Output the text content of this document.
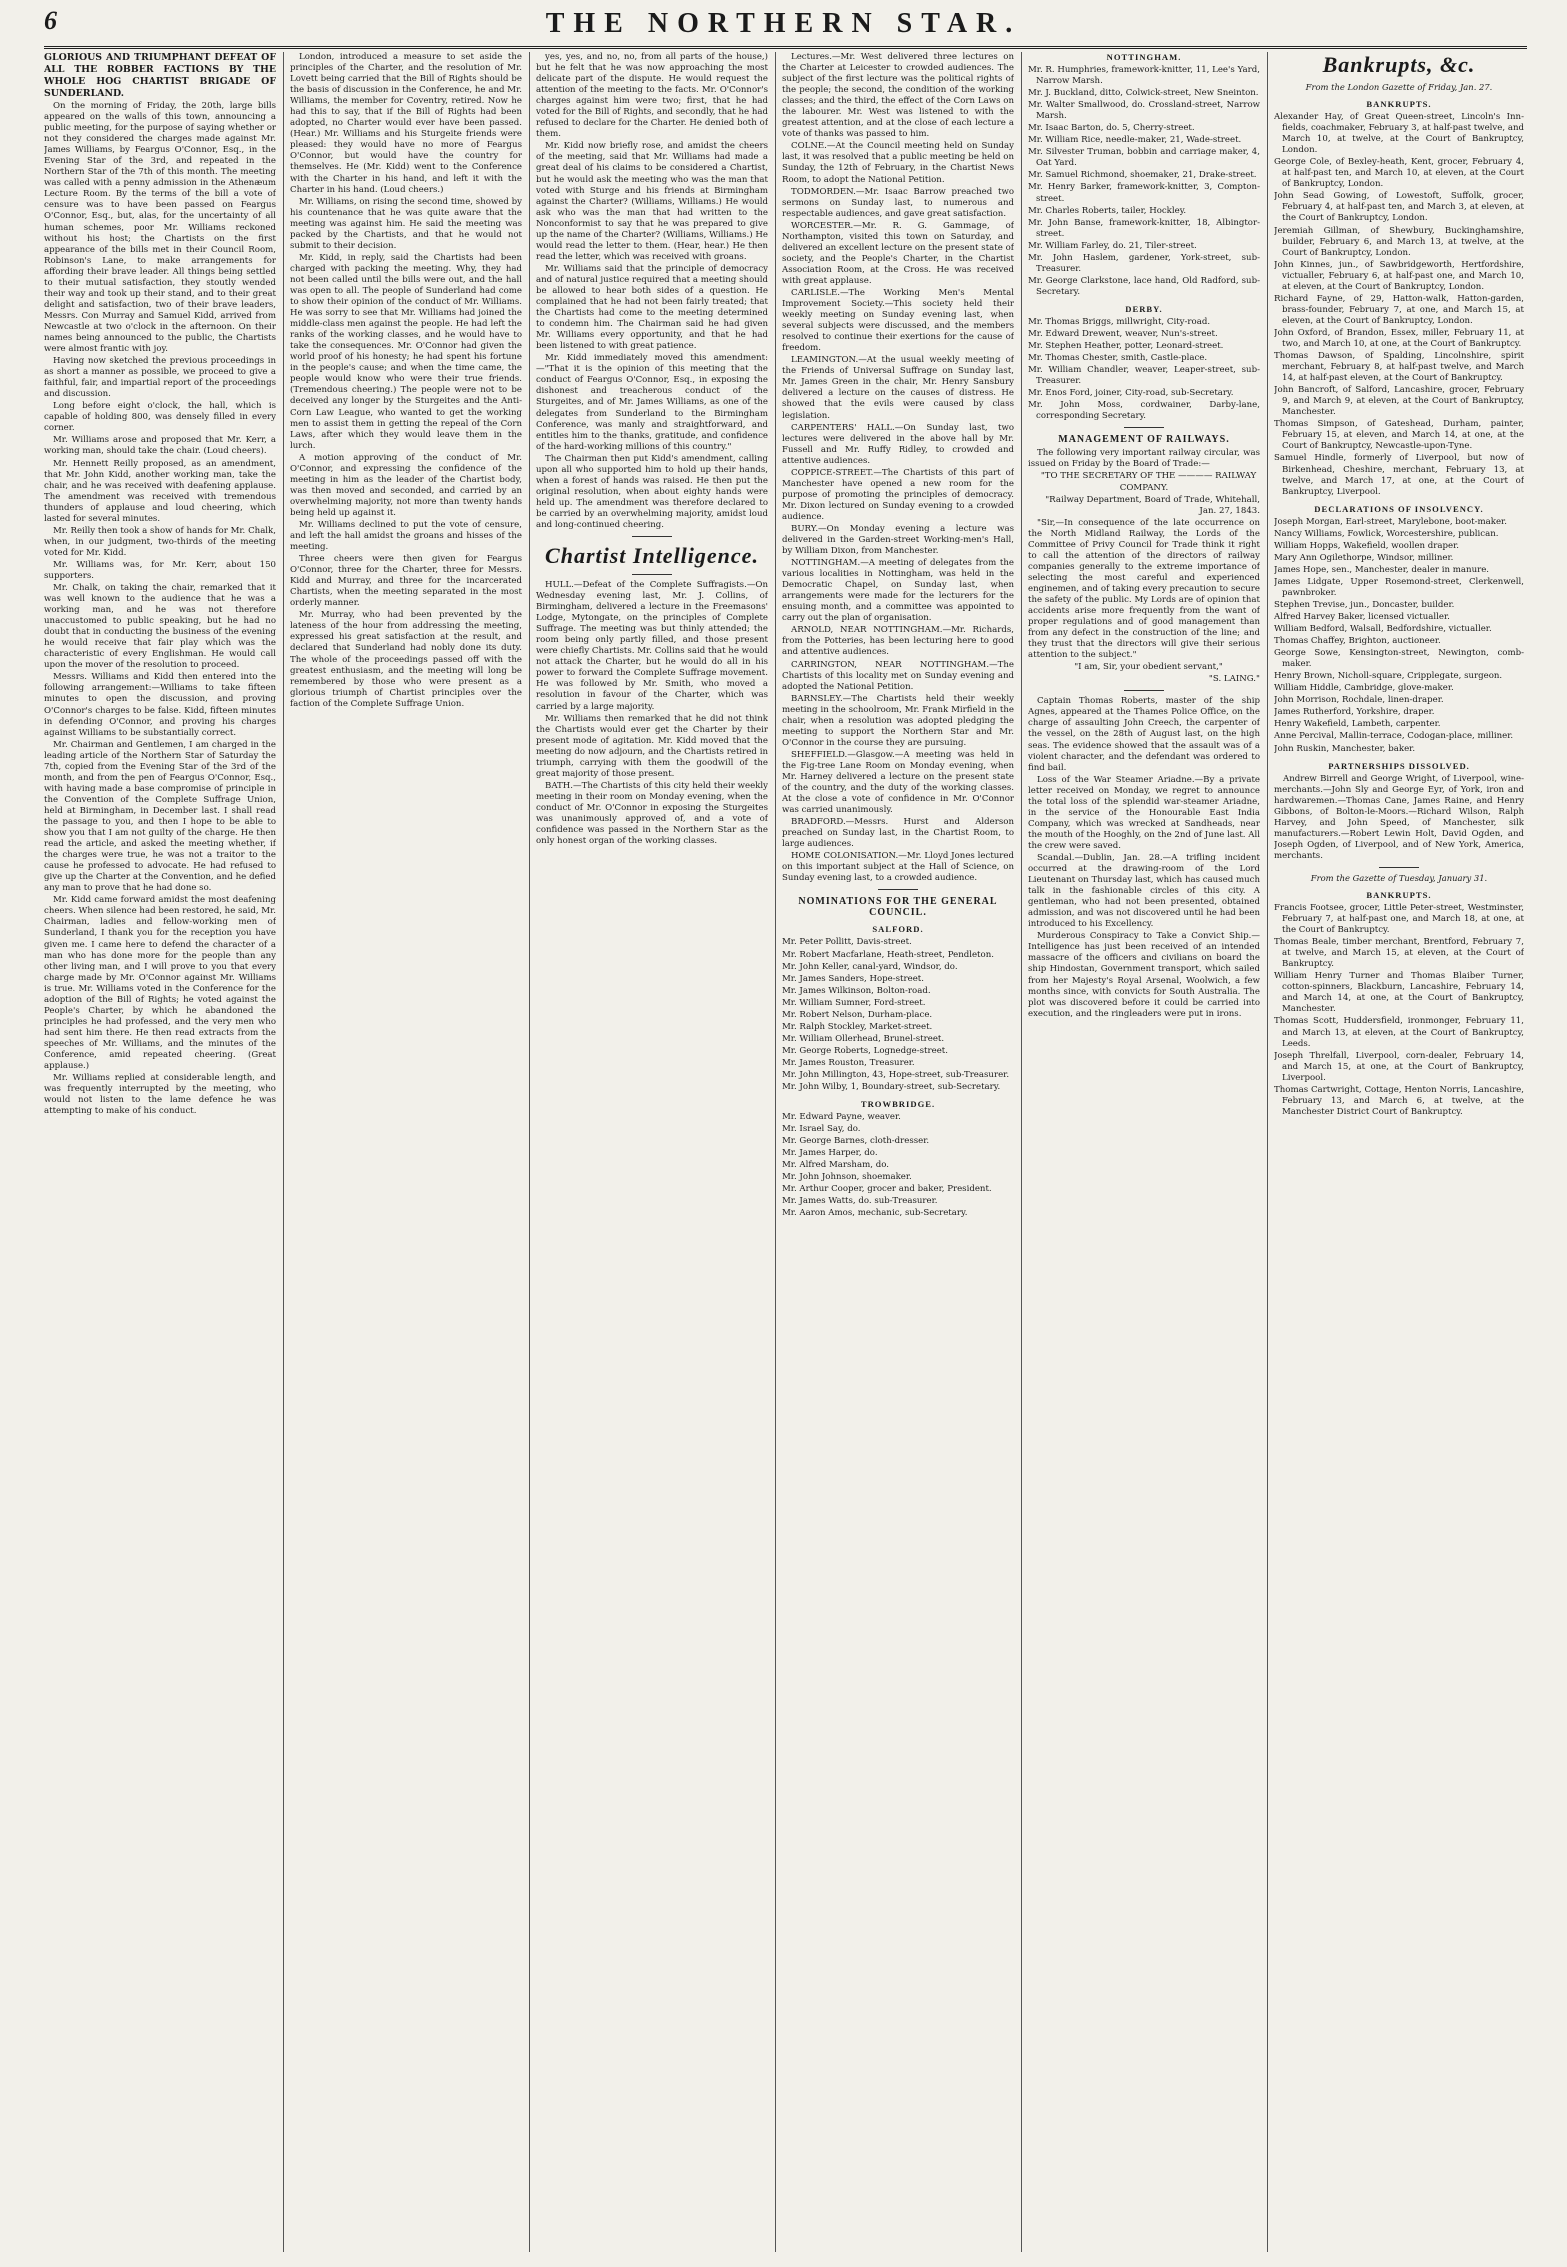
6	THE NORTHERN STAR.

GLORIOUS AND TRIUMPHANT DEFEAT OF ALL THE ROBBER FACTIONS BY THE WHOLE HOG CHARTIST BRIGADE OF SUNDERLAND.

On the morning of Friday, the 20th, large bills appeared on the walls of this town, announcing a public meeting, for the purpose of saying whether or not they considered the charges made against Mr. James Williams, by Feargus O'Connor, Esq., in the Evening Star of the 3rd, and repeated in the Northern Star of the 7th of this month. The meeting was called with a penny admission in the Athenæum Lecture Room. By the terms of the bill a vote of censure was to have been passed on Feargus O'Connor, Esq., but, alas, for the uncertainty of all human schemes, poor Mr. Williams reckoned without his host; the Chartists on the first appearance of the bills met in their Council Room, Robinson's Lane, to make arrangements for affording their brave leader. All things being settled to their mutual satisfaction, they stoutly wended their way and took up their stand, and to their great delight and satisfaction, two of their brave leaders, Messrs. Con Murray and Samuel Kidd, arrived from Newcastle at two o'clock in the afternoon. On their names being announced to the public, the Chartists were almost frantic with joy.

Having now sketched the previous proceedings in as short a manner as possible, we proceed to give a faithful, fair, and impartial report of the proceedings and discussion.

Long before eight o'clock, the hall, which is capable of holding 800, was densely filled in every corner.

Mr. Williams arose and proposed that Mr. Kerr, a working man, should take the chair. (Loud cheers).

Mr. Hennett Reilly proposed, as an amendment, that Mr. John Kidd, another working man, take the chair, and he was received with deafening applause. The amendment was received with tremendous thunders of applause and loud cheering, which lasted for several minutes.

Mr. Reilly then took a show of hands for Mr. Chalk, when, in our judgment, two-thirds of the meeting voted for Mr. Kidd.

Mr. Williams was, for Mr. Kerr, about 150 supporters.

Mr. Chalk, on taking the chair, remarked that it was well known to the audience that he was a working man, and he was not therefore unaccustomed to public speaking, but he had no doubt that in conducting the business of the evening he would receive that fair play which was the characteristic of every Englishman. He would call upon the mover of the resolution to proceed.

Messrs. Williams and Kidd then entered into the following arrangement:—Williams to take fifteen minutes to open the discussion, and proving O'Connor's charges to be false. Kidd, fifteen minutes in defending O'Connor, and proving his charges against Williams to be substantially correct.

Mr. Chairman and Gentlemen, I am charged in the leading article of the Northern Star of Saturday the 7th, copied from the Evening Star of the 3rd of the month, and from the pen of Feargus O'Connor, Esq., with having made a base compromise of principle in the Convention of the Complete Suffrage Union, held at Birmingham, in December last. I shall read the passage to you, and then I hope to be able to show you that I am not guilty of the charge. He then read the article, and asked the meeting whether, if the charges were true, he was not a traitor to the cause he professed to advocate. He had refused to give up the Charter at the Convention, and he defied any man to prove that he had done so.

Mr. Kidd came forward amidst the most deafening cheers. When silence had been restored, he said, Mr. Chairman, ladies and fellow-working men of Sunderland, I thank you for the reception you have given me. I came here to defend the character of a man who has done more for the people than any other living man, and I will prove to you that every charge made by Mr. O'Connor against Mr. Williams is true. Mr. Williams voted in the Conference for the adoption of the Bill of Rights; he voted against the People's Charter, by which he abandoned the principles he had professed, and the very men who had sent him there. He then read extracts from the speeches of Mr. Williams, and the minutes of the Conference, amid repeated cheering. (Great applause.)

Mr. Williams replied at considerable length, and was frequently interrupted by the meeting, who would not listen to the lame defence he was attempting to make of his conduct.

London, introduced a measure to set aside the principles of the Charter, and the resolution of Mr. Lovett being carried that the Bill of Rights should be the basis of discussion in the Conference, he and Mr. Williams, the member for Coventry, retired. Now he had this to say, that if the Bill of Rights had been adopted, no Charter would ever have been passed. (Hear.) Mr. Williams and his Sturgeite friends were pleased: they would have no more of Feargus O'Connor, but would have the country for themselves. He (Mr. Kidd) went to the Conference with the Charter in his hand, and left it with the Charter in his hand. (Loud cheers.)

Mr. Williams, on rising the second time, showed by his countenance that he was quite aware that the meeting was against him. He said the meeting was packed by the Chartists, and that he would not submit to their decision.

Mr. Kidd, in reply, said the Chartists had been charged with packing the meeting. Why, they had not been called until the bills were out, and the hall was open to all. The people of Sunderland had come to show their opinion of the conduct of Mr. Williams. He was sorry to see that Mr. Williams had joined the middle-class men against the people. He had left the ranks of the working classes, and he would have to take the consequences. Mr. O'Connor had given the world proof of his honesty; he had spent his fortune in the people's cause; and when the time came, the people would know who were their true friends. (Tremendous cheering.) The people were not to be deceived any longer by the Sturgeites and the Anti-Corn Law League, who wanted to get the working men to assist them in getting the repeal of the Corn Laws, after which they would leave them in the lurch.

A motion approving of the conduct of Mr. O'Connor, and expressing the confidence of the meeting in him as the leader of the Chartist body, was then moved and seconded, and carried by an overwhelming majority, not more than twenty hands being held up against it.

Mr. Williams declined to put the vote of censure, and left the hall amidst the groans and hisses of the meeting.

Three cheers were then given for Feargus O'Connor, three for the Charter, three for Messrs. Kidd and Murray, and three for the incarcerated Chartists, when the meeting separated in the most orderly manner.

Mr. Murray, who had been prevented by the lateness of the hour from addressing the meeting, expressed his great satisfaction at the result, and declared that Sunderland had nobly done its duty. The whole of the proceedings passed off with the greatest enthusiasm, and the meeting will long be remembered by those who were present as a glorious triumph of Chartist principles over the faction of the Complete Suffrage Union.

yes, yes, and no, no, from all parts of the house,) but he felt that he was now approaching the most delicate part of the dispute. He would request the attention of the meeting to the facts. Mr. O'Connor's charges against him were two; first, that he had voted for the Bill of Rights, and secondly, that he had refused to declare for the Charter. He denied both of them.

Mr. Kidd now briefly rose, and amidst the cheers of the meeting, said that Mr. Williams had made a great deal of his claims to be considered a Chartist, but he would ask the meeting who was the man that voted with Sturge and his friends at Birmingham against the Charter? (Williams, Williams.) He would ask who was the man that had written to the Nonconformist to say that he was prepared to give up the name of the Charter? (Williams, Williams.) He would read the letter to them. (Hear, hear.) He then read the letter, which was received with groans.

Mr. Williams said that the principle of democracy and of natural justice required that a meeting should be allowed to hear both sides of a question. He complained that he had not been fairly treated; that the Chartists had come to the meeting determined to condemn him. The Chairman said he had given Mr. Williams every opportunity, and that he had been listened to with great patience.

Mr. Kidd immediately moved this amendment:—"That it is the opinion of this meeting that the conduct of Feargus O'Connor, Esq., in exposing the dishonest and treacherous conduct of the Sturgeites, and of Mr. James Williams, as one of the delegates from Sunderland to the Birmingham Conference, was manly and straightforward, and entitles him to the thanks, gratitude, and confidence of the hard-working millions of this country."

The Chairman then put Kidd's amendment, calling upon all who supported him to hold up their hands, when a forest of hands was raised. He then put the original resolution, when about eighty hands were held up. The amendment was therefore declared to be carried by an overwhelming majority, amidst loud and long-continued cheering.

Chartist Intelligence.

HULL.—Defeat of the Complete Suffragists.—On Wednesday evening last, Mr. J. Collins, of Birmingham, delivered a lecture in the Freemasons' Lodge, Mytongate, on the principles of Complete Suffrage. The meeting was but thinly attended; the room being only partly filled, and those present were chiefly Chartists. Mr. Collins said that he would not attack the Charter, but he would do all in his power to forward the Complete Suffrage movement. He was followed by Mr. Smith, who moved a resolution in favour of the Charter, which was carried by a large majority.

Mr. Williams then remarked that he did not think the Chartists would ever get the Charter by their present mode of agitation. Mr. Kidd moved that the meeting do now adjourn, and the Chartists retired in triumph, carrying with them the goodwill of the great majority of those present.

BATH.—The Chartists of this city held their weekly meeting in their room on Monday evening, when the conduct of Mr. O'Connor in exposing the Sturgeites was unanimously approved of, and a vote of confidence was passed in the Northern Star as the only honest organ of the working classes.

Lectures.—Mr. West delivered three lectures on the Charter at Leicester to crowded audiences. The subject of the first lecture was the political rights of the people; the second, the condition of the working classes; and the third, the effect of the Corn Laws on the labourer. Mr. West was listened to with the greatest attention, and at the close of each lecture a vote of thanks was passed to him.

COLNE.—At the Council meeting held on Sunday last, it was resolved that a public meeting be held on Sunday, the 12th of February, in the Chartist News Room, to adopt the National Petition.

TODMORDEN.—Mr. Isaac Barrow preached two sermons on Sunday last, to numerous and respectable audiences, and gave great satisfaction.

WORCESTER.—Mr. R. G. Gammage, of Northampton, visited this town on Saturday, and delivered an excellent lecture on the present state of society, and the People's Charter, in the Chartist Association Room, at the Cross. He was received with great applause.

CARLISLE.—The Working Men's Mental Improvement Society.—This society held their weekly meeting on Sunday evening last, when several subjects were discussed, and the members resolved to continue their exertions for the cause of freedom.

LEAMINGTON.—At the usual weekly meeting of the Friends of Universal Suffrage on Sunday last, Mr. James Green in the chair, Mr. Henry Sansbury delivered a lecture on the causes of distress. He showed that the evils were caused by class legislation.

CARPENTERS' HALL.—On Sunday last, two lectures were delivered in the above hall by Mr. Fussell and Mr. Ruffy Ridley, to crowded and attentive audiences.

COPPICE-STREET.—The Chartists of this part of Manchester have opened a new room for the purpose of promoting the principles of democracy. Mr. Dixon lectured on Sunday evening to a crowded audience.

BURY.—On Monday evening a lecture was delivered in the Garden-street Working-men's Hall, by William Dixon, from Manchester.

NOTTINGHAM.—A meeting of delegates from the various localities in Nottingham, was held in the Democratic Chapel, on Sunday last, when arrangements were made for the lecturers for the ensuing month, and a committee was appointed to carry out the plan of organisation.

ARNOLD, NEAR NOTTINGHAM.—Mr. Richards, from the Potteries, has been lecturing here to good and attentive audiences.

CARRINGTON, NEAR NOTTINGHAM.—The Chartists of this locality met on Sunday evening and adopted the National Petition.

BARNSLEY.—The Chartists held their weekly meeting in the schoolroom, Mr. Frank Mirfield in the chair, when a resolution was adopted pledging the meeting to support the Northern Star and Mr. O'Connor in the course they are pursuing.

SHEFFIELD.—Glasgow.—A meeting was held in the Fig-tree Lane Room on Monday evening, when Mr. Harney delivered a lecture on the present state of the country, and the duty of the working classes. At the close a vote of confidence in Mr. O'Connor was carried unanimously.

BRADFORD.—Messrs. Hurst and Alderson preached on Sunday last, in the Chartist Room, to large audiences.

HOME COLONISATION.—Mr. Lloyd Jones lectured on this important subject at the Hall of Science, on Sunday evening last, to a crowded audience.

NOMINATIONS FOR THE GENERAL COUNCIL.
SALFORD.

Mr. Peter Pollitt, Davis-street.

Mr. Robert Macfarlane, Heath-street, Pendleton.

Mr. John Keller, canal-yard, Windsor, do.

Mr. James Sanders, Hope-street.

Mr. James Wilkinson, Bolton-road.

Mr. William Sumner, Ford-street.

Mr. Robert Nelson, Durham-place.

Mr. Ralph Stockley, Market-street.

Mr. William Ollerhead, Brunel-street.

Mr. George Roberts, Lognedge-street.

Mr. James Rouston, Treasurer.

Mr. John Millington, 43, Hope-street, sub-Treasurer.

Mr. John Wilby, 1, Boundary-street, sub-Secretary.

TROWBRIDGE.

Mr. Edward Payne, weaver.

Mr. Israel Say, do.

Mr. George Barnes, cloth-dresser.

Mr. James Harper, do.

Mr. Alfred Marsham, do.

Mr. John Johnson, shoemaker.

Mr. Arthur Cooper, grocer and baker, President.

Mr. James Watts, do. sub-Treasurer.

Mr. Aaron Amos, mechanic, sub-Secretary.

NOTTINGHAM.

Mr. R. Humphries, framework-knitter, 11, Lee's Yard, Narrow Marsh.

Mr. J. Buckland, ditto, Colwick-street, New Sneinton.

Mr. Walter Smallwood, do. Crossland-street, Narrow Marsh.

Mr. Isaac Barton, do. 5, Cherry-street.

Mr. William Rice, needle-maker, 21, Wade-street.

Mr. Silvester Truman, bobbin and carriage maker, 4, Oat Yard.

Mr. Samuel Richmond, shoemaker, 21, Drake-street.

Mr. Henry Barker, framework-knitter, 3, Compton-street.

Mr. Charles Roberts, tailer, Hockley.

Mr. John Banse, framework-knitter, 18, Albingtor-street.

Mr. William Farley, do. 21, Tiler-street.

Mr. John Haslem, gardener, York-street, sub-Treasurer.

Mr. George Clarkstone, lace hand, Old Radford, sub-Secretary.

DERBY.

Mr. Thomas Briggs, millwright, City-road.

Mr. Edward Drewent, weaver, Nun's-street.

Mr. Stephen Heather, potter, Leonard-street.

Mr. Thomas Chester, smith, Castle-place.

Mr. William Chandler, weaver, Leaper-street, sub-Treasurer.

Mr. Enos Ford, joiner, City-road, sub-Secretary.

Mr. John Moss, cordwainer, Darby-lane, corresponding Secretary.

MANAGEMENT OF RAILWAYS.

The following very important railway circular, was issued on Friday by the Board of Trade:—

"TO THE SECRETARY OF THE ———— RAILWAY COMPANY.

"Railway Department, Board of Trade, Whitehall, Jan. 27, 1843.

"Sir,—In consequence of the late occurrence on the North Midland Railway, the Lords of the Committee of Privy Council for Trade think it right to call the attention of the directors of railway companies generally to the extreme importance of selecting the most careful and experienced enginemen, and of taking every precaution to secure the safety of the public. My Lords are of opinion that accidents arise more frequently from the want of proper regulations and of good management than from any defect in the construction of the line; and they trust that the directors will give their serious attention to the subject."

"I am, Sir, your obedient servant,"

"S. LAING."

Captain Thomas Roberts, master of the ship Agnes, appeared at the Thames Police Office, on the charge of assaulting John Creech, the carpenter of the vessel, on the 28th of August last, on the high seas. The evidence showed that the assault was of a violent character, and the defendant was ordered to find bail.

Loss of the War Steamer Ariadne.—By a private letter received on Monday, we regret to announce the total loss of the splendid war-steamer Ariadne, in the service of the Honourable East India Company, which was wrecked at Sandheads, near the mouth of the Hooghly, on the 2nd of June last. All the crew were saved.

Scandal.—Dublin, Jan. 28.—A trifling incident occurred at the drawing-room of the Lord Lieutenant on Thursday last, which has caused much talk in the fashionable circles of this city. A gentleman, who had not been presented, obtained admission, and was not discovered until he had been introduced to his Excellency.

Murderous Conspiracy to Take a Convict Ship.—Intelligence has just been received of an intended massacre of the officers and civilians on board the ship Hindostan, Government transport, which sailed from her Majesty's Royal Arsenal, Woolwich, a few months since, with convicts for South Australia. The plot was discovered before it could be carried into execution, and the ringleaders were put in irons.

Bankrupts, &c.
From the London Gazette of Friday, Jan. 27.
BANKRUPTS.

Alexander Hay, of Great Queen-street, Lincoln's Inn-fields, coachmaker, February 3, at half-past twelve, and March 10, at twelve, at the Court of Bankruptcy, London.

George Cole, of Bexley-heath, Kent, grocer, February 4, at half-past ten, and March 10, at eleven, at the Court of Bankruptcy, London.

John Sead Gowing, of Lowestoft, Suffolk, grocer, February 4, at half-past ten, and March 3, at eleven, at the Court of Bankruptcy, London.

Jeremiah Gillman, of Shewbury, Buckinghamshire, builder, February 6, and March 13, at twelve, at the Court of Bankruptcy, London.

John Kinnes, jun., of Sawbridgeworth, Hertfordshire, victualler, February 6, at half-past one, and March 10, at eleven, at the Court of Bankruptcy, London.

Richard Fayne, of 29, Hatton-walk, Hatton-garden, brass-founder, February 7, at one, and March 15, at eleven, at the Court of Bankruptcy, London.

John Oxford, of Brandon, Essex, miller, February 11, at two, and March 10, at one, at the Court of Bankruptcy.

Thomas Dawson, of Spalding, Lincolnshire, spirit merchant, February 8, at half-past twelve, and March 14, at half-past eleven, at the Court of Bankruptcy.

John Bancroft, of Salford, Lancashire, grocer, February 9, and March 9, at eleven, at the Court of Bankruptcy, Manchester.

Thomas Simpson, of Gateshead, Durham, painter, February 15, at eleven, and March 14, at one, at the Court of Bankruptcy, Newcastle-upon-Tyne.

Samuel Hindle, formerly of Liverpool, but now of Birkenhead, Cheshire, merchant, February 13, at twelve, and March 17, at one, at the Court of Bankruptcy, Liverpool.

DECLARATIONS OF INSOLVENCY.

Joseph Morgan, Earl-street, Marylebone, boot-maker.

Nancy Williams, Fowlick, Worcestershire, publican.

William Hopps, Wakefield, woollen draper.

Mary Ann Ogilethorpe, Windsor, milliner.

James Hope, sen., Manchester, dealer in manure.

James Lidgate, Upper Rosemond-street, Clerkenwell, pawnbroker.

Stephen Trevise, jun., Doncaster, builder.

Alfred Harvey Baker, licensed victualler.

William Bedford, Walsall, Bedfordshire, victualler.

Thomas Chaffey, Brighton, auctioneer.

George Sowe, Kensington-street, Newington, comb-maker.

Henry Brown, Nicholl-square, Cripplegate, surgeon.

William Hiddle, Cambridge, glove-maker.

John Morrison, Rochdale, linen-draper.

James Rutherford, Yorkshire, draper.

Henry Wakefield, Lambeth, carpenter.

Anne Percival, Mallin-terrace, Codogan-place, milliner.

John Ruskin, Manchester, baker.

PARTNERSHIPS DISSOLVED.

Andrew Birrell and George Wright, of Liverpool, wine-merchants.—John Sly and George Eyr, of York, iron and hardwaremen.—Thomas Cane, James Raine, and Henry Gibbons, of Bolton-le-Moors.—Richard Wilson, Ralph Harvey, and John Speed, of Manchester, silk manufacturers.—Robert Lewin Holt, David Ogden, and Joseph Ogden, of Liverpool, and of New York, America, merchants.

From the Gazette of Tuesday, January 31.
BANKRUPTS.

Francis Footsee, grocer, Little Peter-street, Westminster, February 7, at half-past one, and March 18, at one, at the Court of Bankruptcy.

Thomas Beale, timber merchant, Brentford, February 7, at twelve, and March 15, at eleven, at the Court of Bankruptcy.

William Henry Turner and Thomas Blaiber Turner, cotton-spinners, Blackburn, Lancashire, February 14, and March 14, at one, at the Court of Bankruptcy, Manchester.

Thomas Scott, Huddersfield, ironmonger, February 11, and March 13, at eleven, at the Court of Bankruptcy, Leeds.

Joseph Threlfall, Liverpool, corn-dealer, February 14, and March 15, at one, at the Court of Bankruptcy, Liverpool.

Thomas Cartwright, Cottage, Henton Norris, Lancashire, February 13, and March 6, at twelve, at the Manchester District Court of Bankruptcy.
